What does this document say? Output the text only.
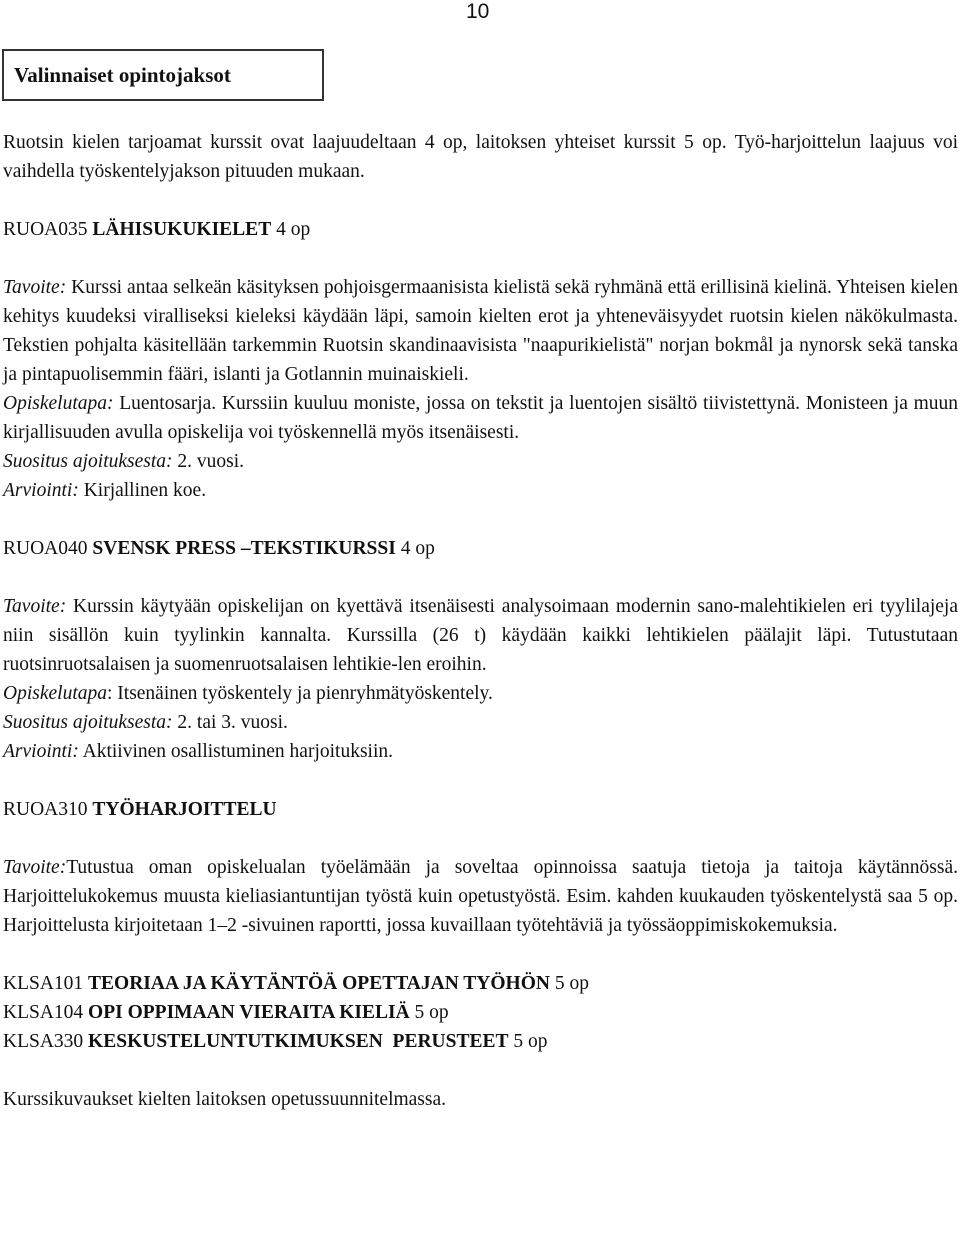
10
Valinnaiset opintojaksot

Ruotsin kielen tarjoamat kurssit ovat laajuudeltaan 4 op, laitoksen yhteiset kurssit 5 op. Työ-harjoittelun laajuus voi vaihdella työskentelyjakson pituuden mukaan.

RUOA035 LÄHISUKUKIELET 4 op

Tavoite: Kurssi antaa selkeän käsityksen pohjoisgermaanisista kielistä sekä ryhmänä että erillisinä kielinä. Yhteisen kielen kehitys kuudeksi viralliseksi kieleksi käydään läpi, samoin kielten erot ja yhteneväisyydet ruotsin kielen näkökulmasta. Tekstien pohjalta käsitellään tarkemmin Ruotsin skandinaavisista "naapurikielistä" norjan bokmål ja nynorsk sekä tanska ja pintapuolisemmin fääri, islanti ja Gotlannin muinaiskieli.

Opiskelutapa: Luentosarja. Kurssiin kuuluu moniste, jossa on tekstit ja luentojen sisältö tiivistettynä. Monisteen ja muun kirjallisuuden avulla opiskelija voi työskennellä myös itsenäisesti.

Suositus ajoituksesta: 2. vuosi.

Arviointi: Kirjallinen koe.

RUOA040 SVENSK PRESS –TEKSTIKURSSI 4 op

Tavoite: Kurssin käytyään opiskelijan on kyettävä itsenäisesti analysoimaan modernin sano-malehtikielen eri tyylilajeja niin sisällön kuin tyylinkin kannalta. Kurssilla (26 t) käydään kaikki lehtikielen päälajit läpi. Tutustutaan ruotsinruotsalaisen ja suomenruotsalaisen lehtikie-len eroihin.

Opiskelutapa: Itsenäinen työskentely ja pienryhmätyöskentely.

Suositus ajoituksesta: 2. tai 3. vuosi.

Arviointi: Aktiivinen osallistuminen harjoituksiin.

RUOA310 TYÖHARJOITTELU

Tavoite:Tutustua oman opiskelualan työelämään ja soveltaa opinnoissa saatuja tietoja ja taitoja käytännössä. Harjoittelukokemus muusta kieliasiantuntijan työstä kuin opetustyöstä. Esim. kahden kuukauden työskentelystä saa 5 op. Harjoittelusta kirjoitetaan 1–2 -sivuinen raportti, jossa kuvaillaan työtehtäviä ja työssäoppimiskokemuksia.

KLSA101 TEORIAA JA KÄYTÄNTÖÄ OPETTAJAN TYÖHÖN 5 op

KLSA104 OPI OPPIMAAN VIERAITA KIELIÄ 5 op

KLSA330 KESKUSTELUNTUTKIMUKSEN  PERUSTEET 5 op

Kurssikuvaukset kielten laitoksen opetussuunnitelmassa.
